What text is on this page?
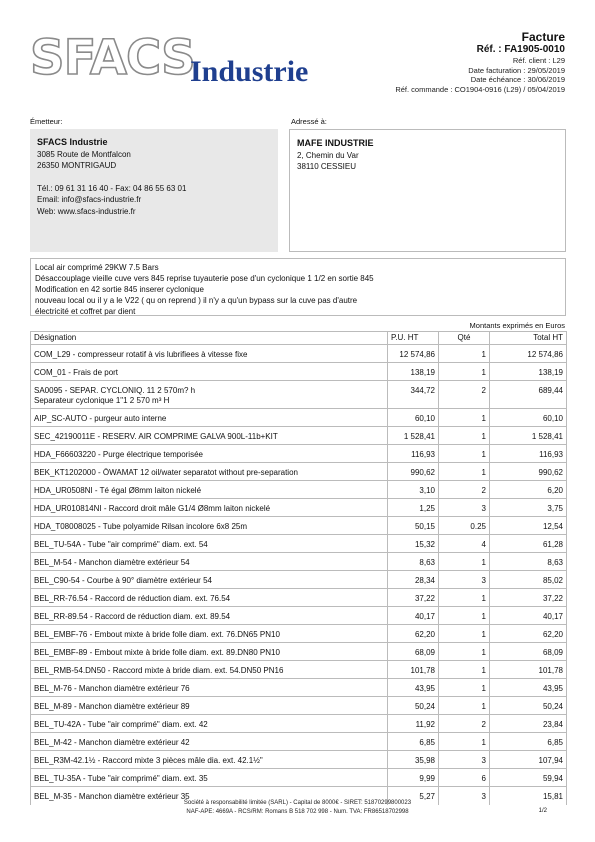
SFACS
Industrie
Facture
Réf. : FA1905-0010
Réf. client : L29
Date facturation : 29/05/2019
Date échéance : 30/06/2019
Réf. commande : CO1904-0916 (L29) / 05/04/2019
Émetteur:	Adressé à:
SFACS Industrie
3085 Route de Montfalcon
26350 MONTRIGAUD
Tél.: 09 61 31 16 40 - Fax: 04 86 55 63 01
Email: info@sfacs-industrie.fr
Web: www.sfacs-industrie.fr
MAFE INDUSTRIE
2, Chemin du Var
38110 CESSIEU
Local air comprimé 29KW 7.5 Bars
Désaccouplage vieille cuve vers 845 reprise tuyauterie pose d'un cyclonique 1 1/2 en sortie 845
Modification en 42 sortie 845 inserer cyclonique
nouveau local ou il y a le V22 ( qu on reprend ) il n'y a qu'un bypass sur la cuve pas d'autre
électricité et coffret par dient
Montants exprimés en Euros
Désignation	P.U. HT	Qté	Total HT

COM_L29 - compresseur rotatif à vis lubrifiees à vitesse fixe	12 574,86	1	12 574,86

COM_01 - Frais de port	138,19	1	138,19

SA0095 - SEPAR. CYCLONIQ. 11 2 570m? h
Separateur cyclonique 1"1 2 570 m³ H	344,72	2	689,44

AIP_SC-AUTO - purgeur auto interne	60,10	1	60,10

SEC_42190011E - RESERV. AIR COMPRIME GALVA 900L-11b+KIT	1 528,41	1	1 528,41

HDA_F66603220 - Purge électrique temporisée	116,93	1	116,93

BEK_KT1202000 - ÖWAMAT 12 oil/water separatot without pre-separation	990,62	1	990,62

HDA_UR0508NI - Té égal Ø8mm laiton nickelé	3,10	2	6,20

HDA_UR010814NI - Raccord droit mâle G1/4 Ø8mm laiton nickelé	1,25	3	3,75

HDA_T08008025 - Tube polyamide Rilsan incolore 6x8 25m	50,15	0.25	12,54

BEL_TU-54A - Tube "air comprimé" diam. ext. 54	15,32	4	61,28

BEL_M-54 - Manchon diamètre extérieur 54	8,63	1	8,63

BEL_C90-54 - Courbe à 90° diamètre extérieur 54	28,34	3	85,02

BEL_RR-76.54 - Raccord de réduction diam. ext. 76.54	37,22	1	37,22

BEL_RR-89.54 - Raccord de réduction diam. ext. 89.54	40,17	1	40,17

BEL_EMBF-76 - Embout mixte à bride folle diam. ext. 76.DN65 PN10	62,20	1	62,20

BEL_EMBF-89 - Embout mixte à bride folle diam. ext. 89.DN80 PN10	68,09	1	68,09

BEL_RMB-54.DN50 - Raccord mixte à bride diam. ext. 54.DN50 PN16	101,78	1	101,78

BEL_M-76 - Manchon diamètre extérieur 76	43,95	1	43,95

BEL_M-89 - Manchon diamètre extérieur 89	50,24	1	50,24

BEL_TU-42A - Tube "air comprimé" diam. ext. 42	11,92	2	23,84

BEL_M-42 - Manchon diamètre extérieur 42	6,85	1	6,85

BEL_R3M-42.1½ - Raccord mixte 3 pièces mâle dia. ext. 42.1½"	35,98	3	107,94

BEL_TU-35A - Tube "air comprimé" diam. ext. 35	9,99	6	59,94

BEL_M-35 - Manchon diamètre extérieur 35	5,27	3	15,81
Société à responsabilité limitée (SARL) - Capital de 8000€ - SIRET: 51870299800023
NAF-APE: 4669A - RCS/RM: Romans B 518 702 998 - Num. TVA: FR86518702998	1/2
